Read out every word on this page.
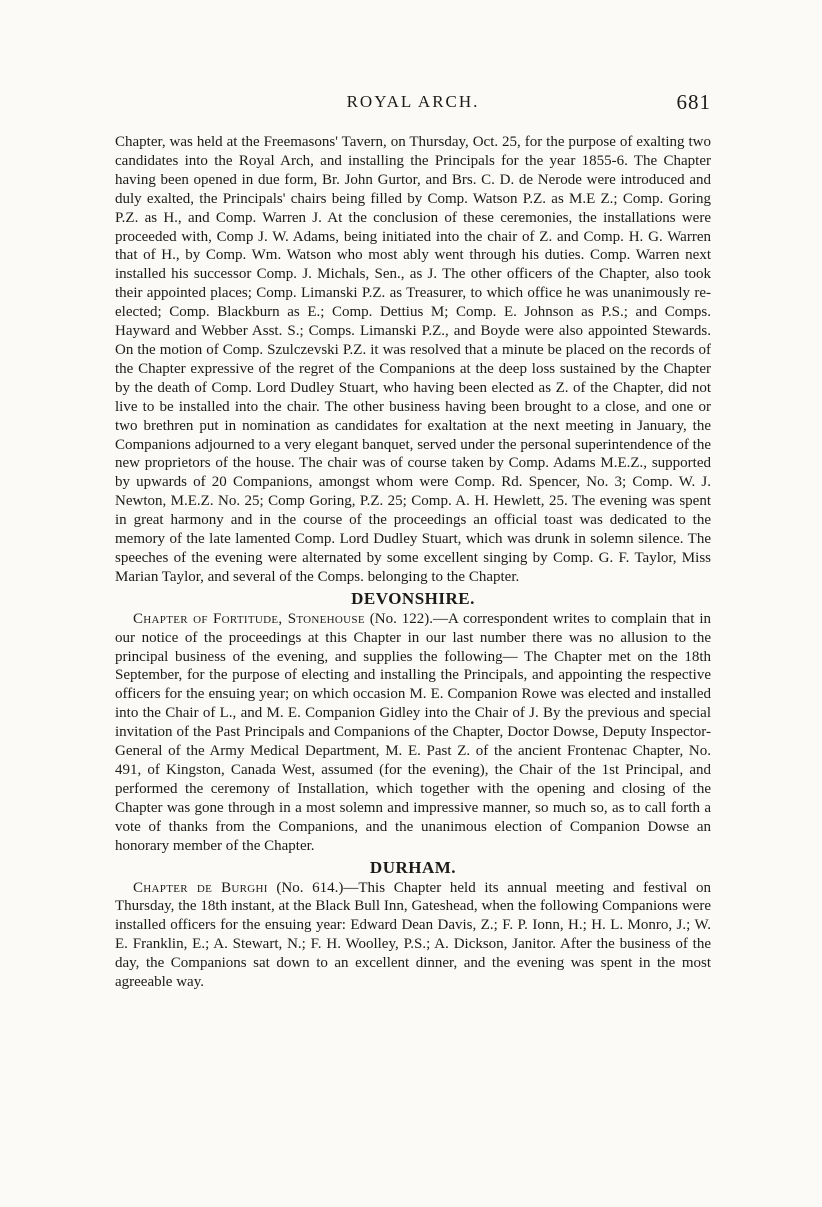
ROYAL ARCH.	681

Chapter, was held at the Freemasons' Tavern, on Thursday, Oct. 25, for the purpose of exalting two candidates into the Royal Arch, and installing the Principals for the year 1855-6. The Chapter having been opened in due form, Br. John Gurtor, and Brs. C. D. de Nerode were introduced and duly exalted, the Principals' chairs being filled by Comp. Watson P.Z. as M.E Z.; Comp. Goring P.Z. as H., and Comp. Warren J. At the conclusion of these ceremonies, the installations were proceeded with, Comp J. W. Adams, being initiated into the chair of Z. and Comp. H. G. Warren that of H., by Comp. Wm. Watson who most ably went through his duties. Comp. Warren next installed his successor Comp. J. Michals, Sen., as J. The other officers of the Chapter, also took their appointed places; Comp. Limanski P.Z. as Treasurer, to which office he was unanimously re-elected; Comp. Blackburn as E.; Comp. Dettius M; Comp. E. Johnson as P.S.; and Comps. Hayward and Webber Asst. S.; Comps. Limanski P.Z., and Boyde were also appointed Stewards. On the motion of Comp. Szulczevski P.Z. it was resolved that a minute be placed on the records of the Chapter expressive of the regret of the Companions at the deep loss sustained by the Chapter by the death of Comp. Lord Dudley Stuart, who having been elected as Z. of the Chapter, did not live to be installed into the chair. The other business having been brought to a close, and one or two brethren put in nomination as candidates for exaltation at the next meeting in January, the Companions adjourned to a very elegant banquet, served under the personal superintendence of the new proprietors of the house. The chair was of course taken by Comp. Adams M.E.Z., supported by upwards of 20 Companions, amongst whom were Comp. Rd. Spencer, No. 3; Comp. W. J. Newton, M.E.Z. No. 25; Comp Goring, P.Z. 25; Comp. A. H. Hewlett, 25. The evening was spent in great harmony and in the course of the proceedings an official toast was dedicated to the memory of the late lamented Comp. Lord Dudley Stuart, which was drunk in solemn silence. The speeches of the evening were alternated by some excellent singing by Comp. G. F. Taylor, Miss Marian Taylor, and several of the Comps. belonging to the Chapter.

DEVONSHIRE.

Chapter of Fortitude, Stonehouse (No. 122).—A correspondent writes to complain that in our notice of the proceedings at this Chapter in our last number there was no allusion to the principal business of the evening, and supplies the following— The Chapter met on the 18th September, for the purpose of electing and installing the Principals, and appointing the respective officers for the ensuing year; on which occasion M. E. Companion Rowe was elected and installed into the Chair of L., and M. E. Companion Gidley into the Chair of J. By the previous and special invitation of the Past Principals and Companions of the Chapter, Doctor Dowse, Deputy Inspector-General of the Army Medical Department, M. E. Past Z. of the ancient Frontenac Chapter, No. 491, of Kingston, Canada West, assumed (for the evening), the Chair of the 1st Principal, and performed the ceremony of Installation, which together with the opening and closing of the Chapter was gone through in a most solemn and impressive manner, so much so, as to call forth a vote of thanks from the Companions, and the unanimous election of Companion Dowse an honorary member of the Chapter.

DURHAM.

Chapter de Burghi (No. 614.)—This Chapter held its annual meeting and festival on Thursday, the 18th instant, at the Black Bull Inn, Gateshead, when the following Companions were installed officers for the ensuing year: Edward Dean Davis, Z.; F. P. Ionn, H.; H. L. Monro, J.; W. E. Franklin, E.; A. Stewart, N.; F. H. Woolley, P.S.; A. Dickson, Janitor. After the business of the day, the Companions sat down to an excellent dinner, and the evening was spent in the most agreeable way.
